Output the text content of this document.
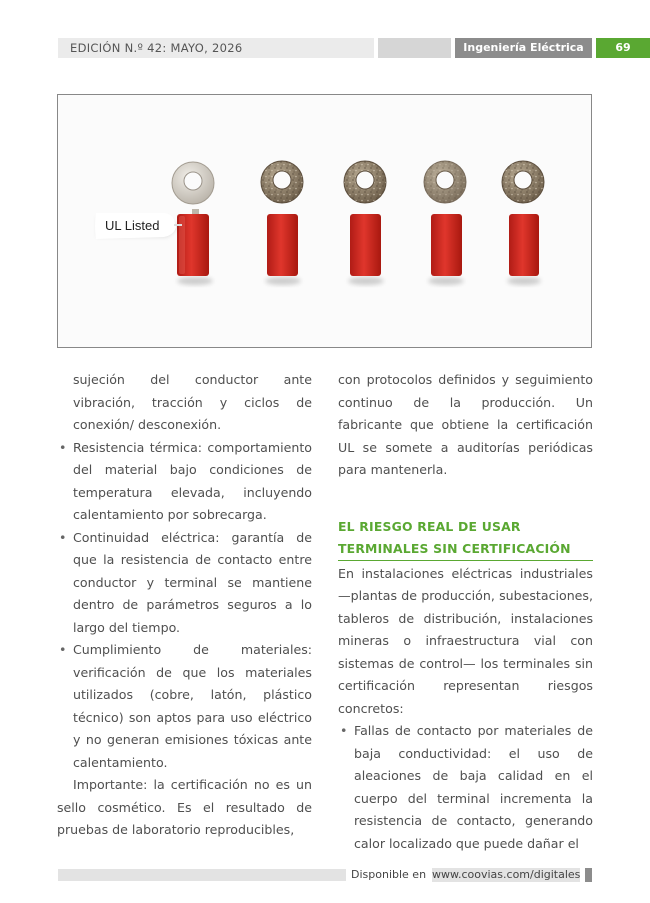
EDICIÓN N.º 42: MAYO, 2026	Ingeniería Eléctrica	69
UL Listed

sujeción del conductor ante vibración, tracción y ciclos de conexión/ desconexión.

• Resistencia térmica: comportamiento del material bajo condiciones de temperatura elevada, incluyendo calentamiento por sobrecarga.
• Continuidad eléctrica: garantía de que la resistencia de contacto entre conductor y terminal se mantiene dentro de parámetros seguros a lo largo del tiempo.
• Cumplimiento de materiales: verificación de que los materiales utilizados (cobre, latón, plástico técnico) son aptos para uso eléctrico y no generan emisiones tóxicas ante calentamiento.

Importante: la certificación no es un sello cosmético. Es el resultado de pruebas de laboratorio reproducibles,

con protocolos definidos y seguimiento continuo de la producción. Un fabricante que obtiene la certificación UL se somete a auditorías periódicas para mantenerla.

EL RIESGO REAL DE USAR
TERMINALES SIN CERTIFICACIÓN

En instalaciones eléctricas industriales —plantas de producción, subestaciones, tableros de distribución, instalaciones mineras o infraestructura vial con sistemas de control— los terminales sin certificación representan riesgos concretos:

• Fallas de contacto por materiales de baja conductividad: el uso de aleaciones de baja calidad en el cuerpo del terminal incrementa la resistencia de contacto, generando calor localizado que puede dañar el
Disponible en www.coovias.com/digitales
